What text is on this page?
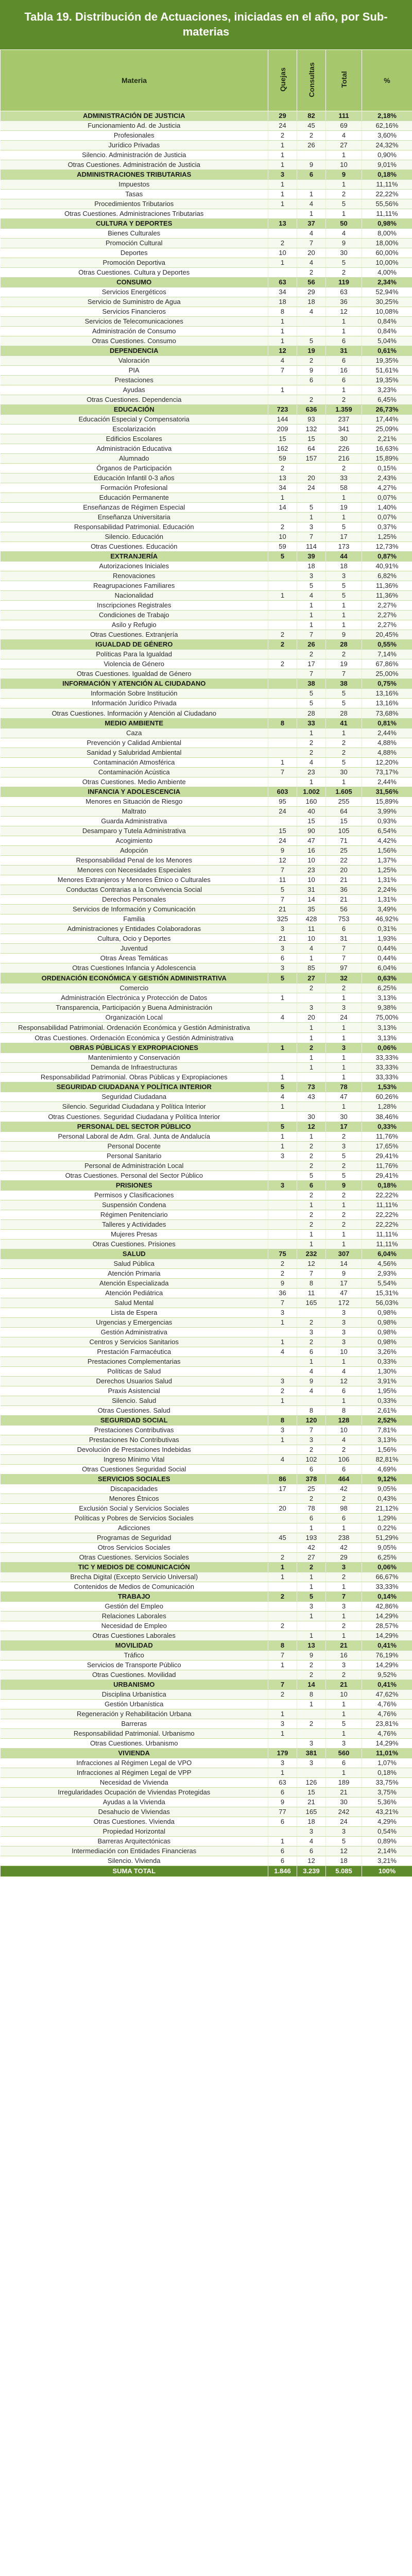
Tabla 19. Distribución de Actuaciones, iniciadas en el año, por Sub-materias
Materia	Quejas	Consultas	Total	%
ADMINISTRACIÓN DE JUSTICIA	29	82	111	2,18%
Funcionamiento Ad. de Justicia	24	45	69	62,16%
Profesionales	2	2	4	3,60%
Jurídico Privadas	1	26	27	24,32%
Silencio. Administración de Justicia	1		1	0,90%
Otras Cuestiones. Administración de Justicia	1	9	10	9,01%
ADMINISTRACIONES TRIBUTARIAS	3	6	9	0,18%
Impuestos	1		1	11,11%
Tasas	1	1	2	22,22%
Procedimientos Tributarios	1	4	5	55,56%
Otras Cuestiones. Administraciones Tributarias		1	1	11,11%
CULTURA Y DEPORTES	13	37	50	0,98%
Bienes Culturales		4	4	8,00%
Promoción Cultural	2	7	9	18,00%
Deportes	10	20	30	60,00%
Promoción Deportiva	1	4	5	10,00%
Otras Cuestiones. Cultura y Deportes		2	2	4,00%
CONSUMO	63	56	119	2,34%
Servicios Energéticos	34	29	63	52,94%
Servicio de Suministro de Agua	18	18	36	30,25%
Servicios Financieros	8	4	12	10,08%
Servicios de Telecomunicaciones	1		1	0,84%
Administración de Consumo	1		1	0,84%
Otras Cuestiones. Consumo	1	5	6	5,04%
DEPENDENCIA	12	19	31	0,61%
Valoración	4	2	6	19,35%
PIA	7	9	16	51,61%
Prestaciones		6	6	19,35%
Ayudas	1		1	3,23%
Otras Cuestiones. Dependencia		2	2	6,45%
EDUCACIÓN	723	636	1.359	26,73%
Educación Especial y Compensatoria	144	93	237	17,44%
Escolarización	209	132	341	25,09%
Edificios Escolares	15	15	30	2,21%
Administración Educativa	162	64	226	16,63%
Alumnado	59	157	216	15,89%
Órganos de Participación	2		2	0,15%
Educación Infantil 0-3 años	13	20	33	2,43%
Formación Profesional	34	24	58	4,27%
Educación Permanente	1		1	0,07%
Enseñanzas de Régimen Especial	14	5	19	1,40%
Enseñanza Universitaria		1	1	0,07%
Responsabilidad Patrimonial. Educación	2	3	5	0,37%
Silencio. Educación	10	7	17	1,25%
Otras Cuestiones. Educación	59	114	173	12,73%
EXTRANJERÍA	5	39	44	0,87%
Autorizaciones Iniciales		18	18	40,91%
Renovaciones		3	3	6,82%
Reagrupaciones Familiares		5	5	11,36%
Nacionalidad	1	4	5	11,36%
Inscripciones Registrales		1	1	2,27%
Condiciones de Trabajo		1	1	2,27%
Asilo y Refugio		1	1	2,27%
Otras Cuestiones. Extranjería	2	7	9	20,45%
IGUALDAD DE GÉNERO	2	26	28	0,55%
Políticas Para la Igualdad		2	2	7,14%
Violencia de Género	2	17	19	67,86%
Otras Cuestiones. Igualdad de Género		7	7	25,00%
INFORMACIÓN Y ATENCIÓN AL CIUDADANO		38	38	0,75%
Información Sobre Institución		5	5	13,16%
Información Jurídico Privada		5	5	13,16%
Otras Cuestiones. Información y Atención al Ciudadano		28	28	73,68%
MEDIO AMBIENTE	8	33	41	0,81%
Caza		1	1	2,44%
Prevención y Calidad Ambiental		2	2	4,88%
Sanidad y Salubridad Ambiental		2	2	4,88%
Contaminación Atmosférica	1	4	5	12,20%
Contaminación Acústica	7	23	30	73,17%
Otras Cuestiones. Medio Ambiente		1	1	2,44%
INFANCIA Y ADOLESCENCIA	603	1.002	1.605	31,56%
Menores en Situación de Riesgo	95	160	255	15,89%
Maltrato	24	40	64	3,99%
Guarda Administrativa		15	15	0,93%
Desamparo y Tutela Administrativa	15	90	105	6,54%
Acogimiento	24	47	71	4,42%
Adopción	9	16	25	1,56%
Responsabilidad Penal de los Menores	12	10	22	1,37%
Menores con Necesidades Especiales	7	23	20	1,25%
Menores Extranjeros y Menores Étnico o Culturales	11	10	21	1,31%
Conductas Contrarias a la Convivencia Social	5	31	36	2,24%
Derechos Personales	7	14	21	1,31%
Servicios de Información y Comunicación	21	35	56	3,49%
Familia	325	428	753	46,92%
Administraciones y Entidades Colaboradoras	3	11	6	0,31%
Cultura, Ocio y Deportes	21	10	31	1,93%
Juventud	3	4	7	0,44%
Otras Áreas Temáticas	6	1	7	0,44%
Otras Cuestiones Infancia y Adolescencia	3	85	97	6,04%
ORDENACIÓN ECONÓMICA Y GESTIÓN ADMINISTRATIVA	5	27	32	0,63%
Comercio		2	2	6,25%
Administración Electrónica y Protección de Datos	1		1	3,13%
Transparencia, Participación y Buena Administración		3	3	9,38%
Organización Local	4	20	24	75,00%
Responsabilidad Patrimonial. Ordenación Económica y Gestión Administrativa		1	1	3,13%
Otras Cuestiones. Ordenación Económica y Gestión Administrativa		1	1	3,13%
OBRAS PÚBLICAS Y EXPROPIACIONES	1	2	3	0,06%
Mantenimiento y Conservación		1	1	33,33%
Demanda de Infraestructuras		1	1	33,33%
Responsabilidad Patrimonial. Obras Públicas y Expropiaciones	1		1	33,33%
SEGURIDAD CIUDADANA Y POLÍTICA INTERIOR	5	73	78	1,53%
Seguridad Ciudadana	4	43	47	60,26%
Silencio. Seguridad Ciudadana y Política Interior	1		1	1,28%
Otras Cuestiones. Seguridad Ciudadana y Política Interior		30	30	38,46%
PERSONAL DEL SECTOR PÚBLICO	5	12	17	0,33%
Personal Laboral de Adm. Gral. Junta de Andalucía	1	1	2	11,76%
Personal Docente	1	2	3	17,65%
Personal Sanitario	3	2	5	29,41%
Personal de Administración Local		2	2	11,76%
Otras Cuestiones. Personal del Sector Público		5	5	29,41%
PRISIONES	3	6	9	0,18%
Permisos y Clasificaciones		2	2	22,22%
Suspensión Condena		1	1	11,11%
Régimen Penitenciario		2	2	22,22%
Talleres y Actividades		2	2	22,22%
Mujeres Presas		1	1	11,11%
Otras Cuestiones. Prisiones		1	1	11,11%
SALUD	75	232	307	6,04%
Salud Pública	2	12	14	4,56%
Atención Primaria	2	7	9	2,93%
Atención Especializada	9	8	17	5,54%
Atención Pediátrica	36	11	47	15,31%
Salud Mental	7	165	172	56,03%
Lista de Espera	3		3	0,98%
Urgencias y Emergencias	1	2	3	0,98%
Gestión Administrativa		3	3	0,98%
Centros y Servicios Sanitarios	1	2	3	0,98%
Prestación Farmacéutica	4	6	10	3,26%
Prestaciones Complementarias		1	1	0,33%
Políticas de Salud		4	4	1,30%
Derechos Usuarios Salud	3	9	12	3,91%
Praxis Asistencial	2	4	6	1,95%
Silencio. Salud	1		1	0,33%
Otras Cuestiones. Salud		8	8	2,61%
SEGURIDAD SOCIAL	8	120	128	2,52%
Prestaciones Contributivas	3	7	10	7,81%
Prestaciones No Contributivas	1	3	4	3,13%
Devolución de Prestaciones Indebidas		2	2	1,56%
Ingreso Mínimo Vital	4	102	106	82,81%
Otras Cuestiones Seguridad Social		6	6	4,69%
SERVICIOS SOCIALES	86	378	464	9,12%
Discapacidades	17	25	42	9,05%
Menores Étnicos		2	2	0,43%
Exclusión Social y Servicios Sociales	20	78	98	21,12%
Políticas y Pobres de Servicios Sociales		6	6	1,29%
Adicciones		1	1	0,22%
Programas de Seguridad	45	193	238	51,29%
Otros Servicios Sociales		42	42	9,05%
Otras Cuestiones. Servicios Sociales	2	27	29	6,25%
TIC Y MEDIOS DE COMUNICACIÓN	1	2	3	0,06%
Brecha Digital (Excepto Servicio Universal)	1	1	2	66,67%
Contenidos de Medios de Comunicación		1	1	33,33%
TRABAJO	2	5	7	0,14%
Gestión del Empleo		3	3	42,86%
Relaciones Laborales		1	1	14,29%
Necesidad de Empleo	2		2	28,57%
Otras Cuestiones Laborales		1	1	14,29%
MOVILIDAD	8	13	21	0,41%
Tráfico	7	9	16	76,19%
Servicios de Transporte Público	1	2	3	14,29%
Otras Cuestiones. Movilidad		2	2	9,52%
URBANISMO	7	14	21	0,41%
Disciplina Urbanística	2	8	10	47,62%
Gestión Urbanística		1	1	4,76%
Regeneración y Rehabilitación Urbana	1		1	4,76%
Barreras	3	2	5	23,81%
Responsabilidad Patrimonial. Urbanismo	1		1	4,76%
Otras Cuestiones. Urbanismo		3	3	14,29%
VIVIENDA	179	381	560	11,01%
Infracciones al Régimen Legal de VPO	3	3	6	1,07%
Infracciones al Régimen Legal de VPP	1		1	0,18%
Necesidad de Vivienda	63	126	189	33,75%
Irregularidades Ocupación de Viviendas Protegidas	6	15	21	3,75%
Ayudas a la Vivienda	9	21	30	5,36%
Desahucio de Viviendas	77	165	242	43,21%
Otras Cuestiones. Vivienda	6	18	24	4,29%
Propiedad Horizontal		3	3	0,54%
Barreras Arquitectónicas	1	4	5	0,89%
Intermediación con Entidades Financieras	6	6	12	2,14%
Silencio. Vivienda	6	12	18	3,21%
SUMA TOTAL	1.846	3.239	5.085	100%
